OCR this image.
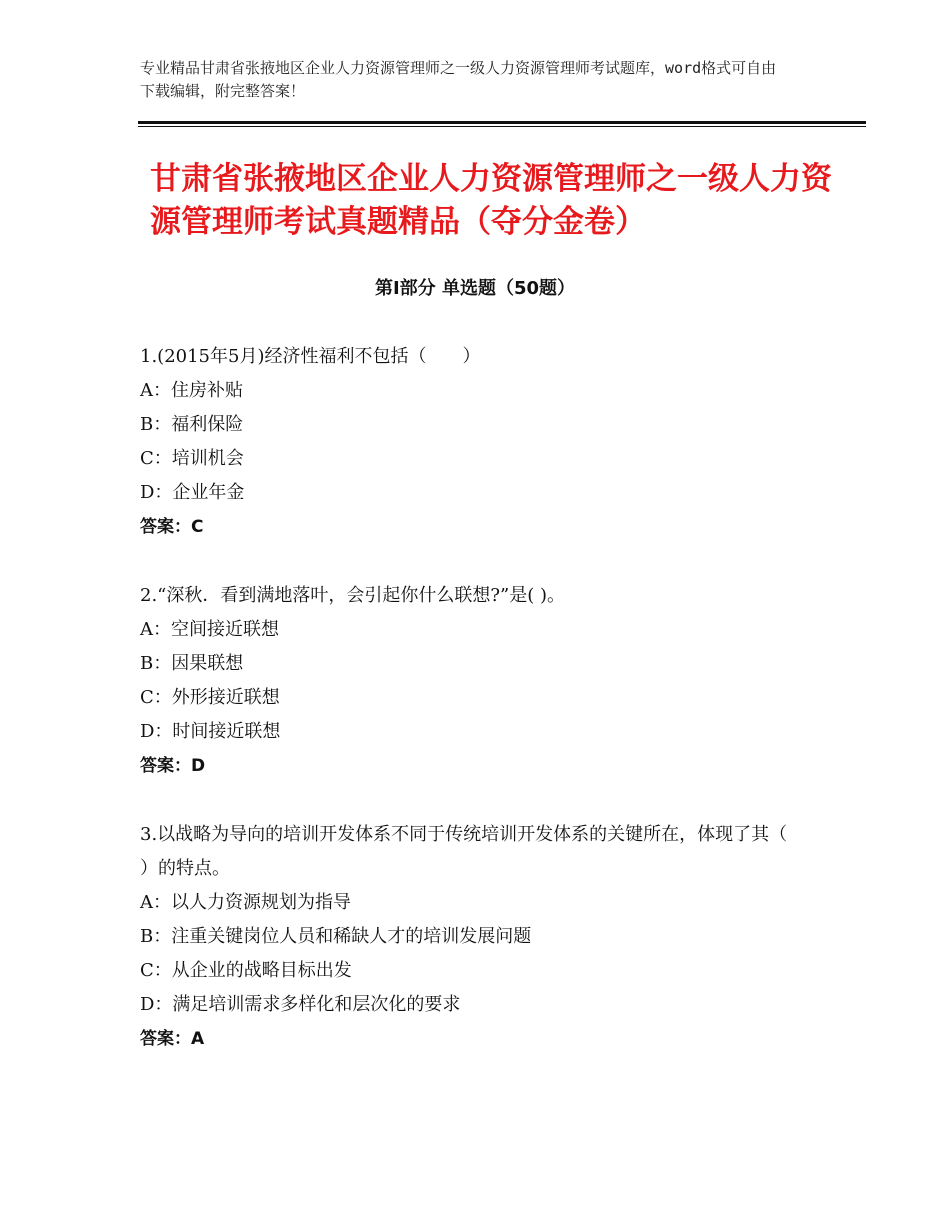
专业精品甘肃省张掖地区企业人力资源管理师之一级人力资源管理师考试题库，word格式可自由下载编辑，附完整答案！
甘肃省张掖地区企业人力资源管理师之一级人力资源管理师考试真题精品（夺分金卷）
第Ⅰ部分 单选题（50题）

1.(2015年5月)经济性福利不包括（　　）

A：住房补贴

B：福利保险

C：培训机会

D：企业年金

答案：C

2.“深秋．看到满地落叶，会引起你什么联想?”是( )。

A：空间接近联想

B：因果联想

C：外形接近联想

D：时间接近联想

答案：D

3.以战略为导向的培训开发体系不同于传统培训开发体系的关键所在，体现了其（ ）的特点。

A：以人力资源规划为指导

B：注重关键岗位人员和稀缺人才的培训发展问题

C：从企业的战略目标出发

D：满足培训需求多样化和层次化的要求

答案：A
